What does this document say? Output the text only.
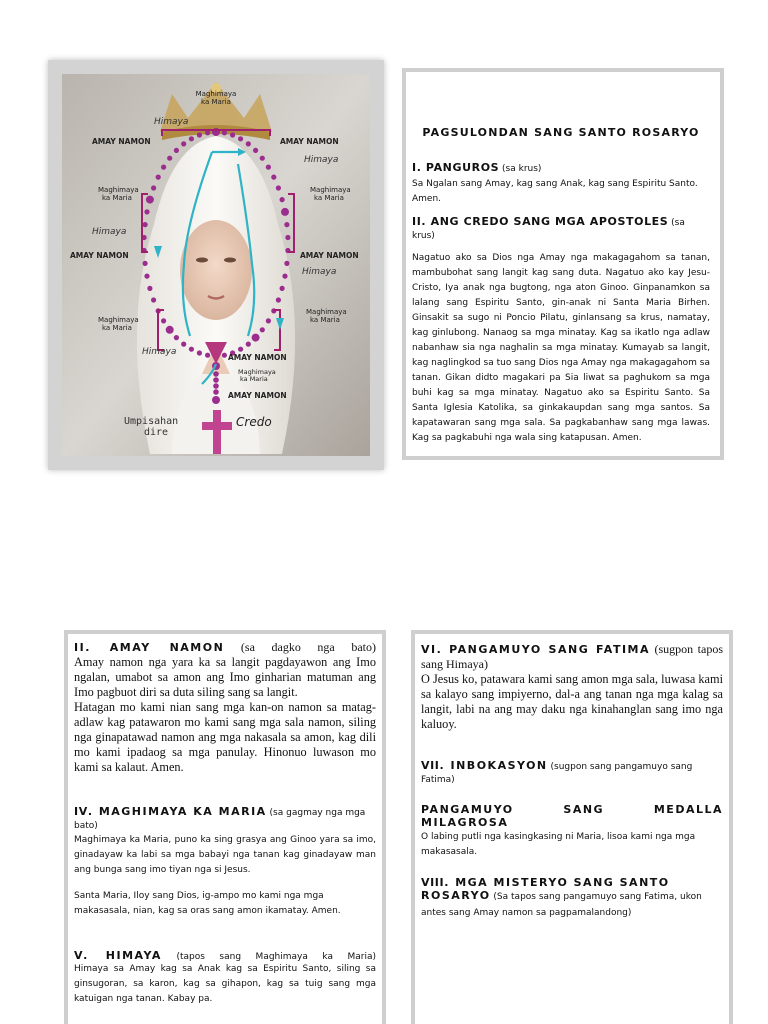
Maghimaya
ka Maria
Himaya
AMAY NAMON	AMAY NAMON
Himaya
Maghimaya
ka Maria
Maghimaya
ka Maria
Himaya
AMAY NAMON	AMAY NAMON
Himaya
Maghimaya
ka Maria
Maghimaya
ka Maria
Himaya
AMAY NAMON
Maghimaya
ka Maria
AMAY NAMON
Umpisahan
dire
Credo
PAGSULONDAN SANG SANTO ROSARYO
I. PANGUROS (sa krus)
Sa Ngalan sang Amay, kag sang Anak, kag sang Espiritu Santo. Amen.
II. ANG CREDO SANG MGA APOSTOLES (sa krus)
Nagatuo ako sa Dios nga Amay nga makagagahom sa tanan, mambubohat sang langit kag sang duta. Nagatuo ako kay Jesu-Cristo, Iya anak nga bugtong, nga aton Ginoo. Ginpanamkon sa lalang sang Espiritu Santo, gin-anak ni Santa Maria Birhen. Ginsakit sa sugo ni Poncio Pilatu, ginlansang sa krus, namatay, kag ginlubong. Nanaog sa mga minatay. Kag sa ikatlo nga adlaw nabanhaw sia nga naghalin sa mga minatay. Kumayab sa langit, kag naglingkod sa tuo sang Dios nga Amay nga makagagahom sa tanan. Gikan didto magakari pa Sia liwat sa paghukom sa mga buhi kag sa mga minatay. Nagatuo ako sa Espiritu Santo. Sa Santa Iglesia Katolika, sa ginkakaupdan sang mga santos. Sa kapatawaran sang mga sala. Sa pagkabanhaw sang mga lawas. Kag sa pagkabuhi nga wala sing katapusan. Amen.
II. AMAY NAMON (sa dagko nga bato)
Amay namon nga yara ka sa langit pagdayawon ang Imo ngalan, umabot sa amon ang Imo ginharian matuman ang Imo pagbuot diri sa duta siling sang sa langit.
Hatagan mo kami nian sang mga kan-on namon sa matag-adlaw kag patawaron mo kami sang mga sala namon, siling nga ginapatawad namon ang mga nakasala sa amon, kag dili mo kami ipadaog sa mga panulay. Hinonuo luwason mo kami sa kalaut. Amen.
IV. MAGHIMAYA KA MARIA (sa gagmay nga mga bato)
Maghimaya ka Maria, puno ka sing grasya ang Ginoo yara sa imo, ginadayaw ka labi sa mga babayi nga tanan kag ginadayaw man ang bunga sang imo tiyan nga si Jesus.
Santa Maria, Iloy sang Dios, ig-ampo mo kami nga mga makasasala, nian, kag sa oras sang amon ikamatay. Amen.
V. HIMAYA (tapos sang Maghimaya ka Maria)
Himaya sa Amay kag sa Anak kag sa Espiritu Santo, siling sa ginsugoran, sa karon, kag sa gihapon, kag sa tuig sang mga katuigan nga tanan. Kabay pa.
VI. PANGAMUYO SANG FATIMA (sugpon tapos sang Himaya)
O Jesus ko, patawara kami sang amon mga sala, luwasa kami sa kalayo sang impiyerno, dal-a ang tanan nga mga kalag sa langit, labi na ang may daku nga kinahanglan sang imo nga kaluoy.
VII. INBOKASYON (sugpon sang pangamuyo sang Fatima)
PANGAMUYO SANG MEDALLA MILAGROSA
O labing putli nga kasingkasing ni Maria, lisoa kami nga mga makasasala.
VIII. MGA MISTERYO SANG SANTO ROSARYO (Sa tapos sang pangamuyo sang Fatima, ukon antes sang Amay namon sa pagpamalandong)
